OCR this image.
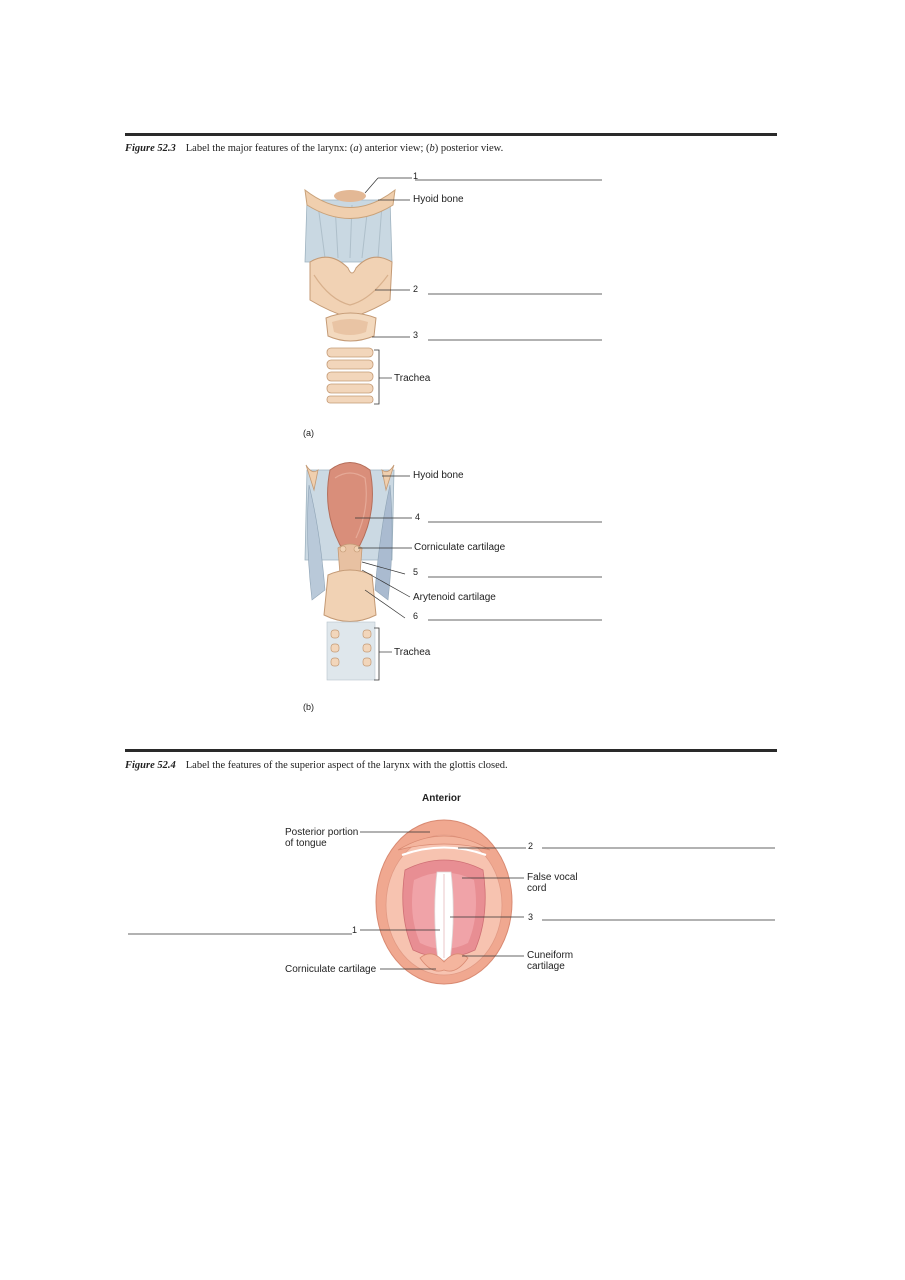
Figure 52.3 Label the major features of the larynx: (a) anterior view; (b) posterior view.
1
Hyoid bone
2
3
Trachea
(a)
Hyoid bone
4
Corniculate cartilage
5
Arytenoid cartilage
6
Trachea
(b)
Figure 52.4 Label the features of the superior aspect of the larynx with the glottis closed.
Anterior
Posterior portion
of tongue
1
Corniculate cartilage
2
False vocal
cord
3
Cuneiform
cartilage
